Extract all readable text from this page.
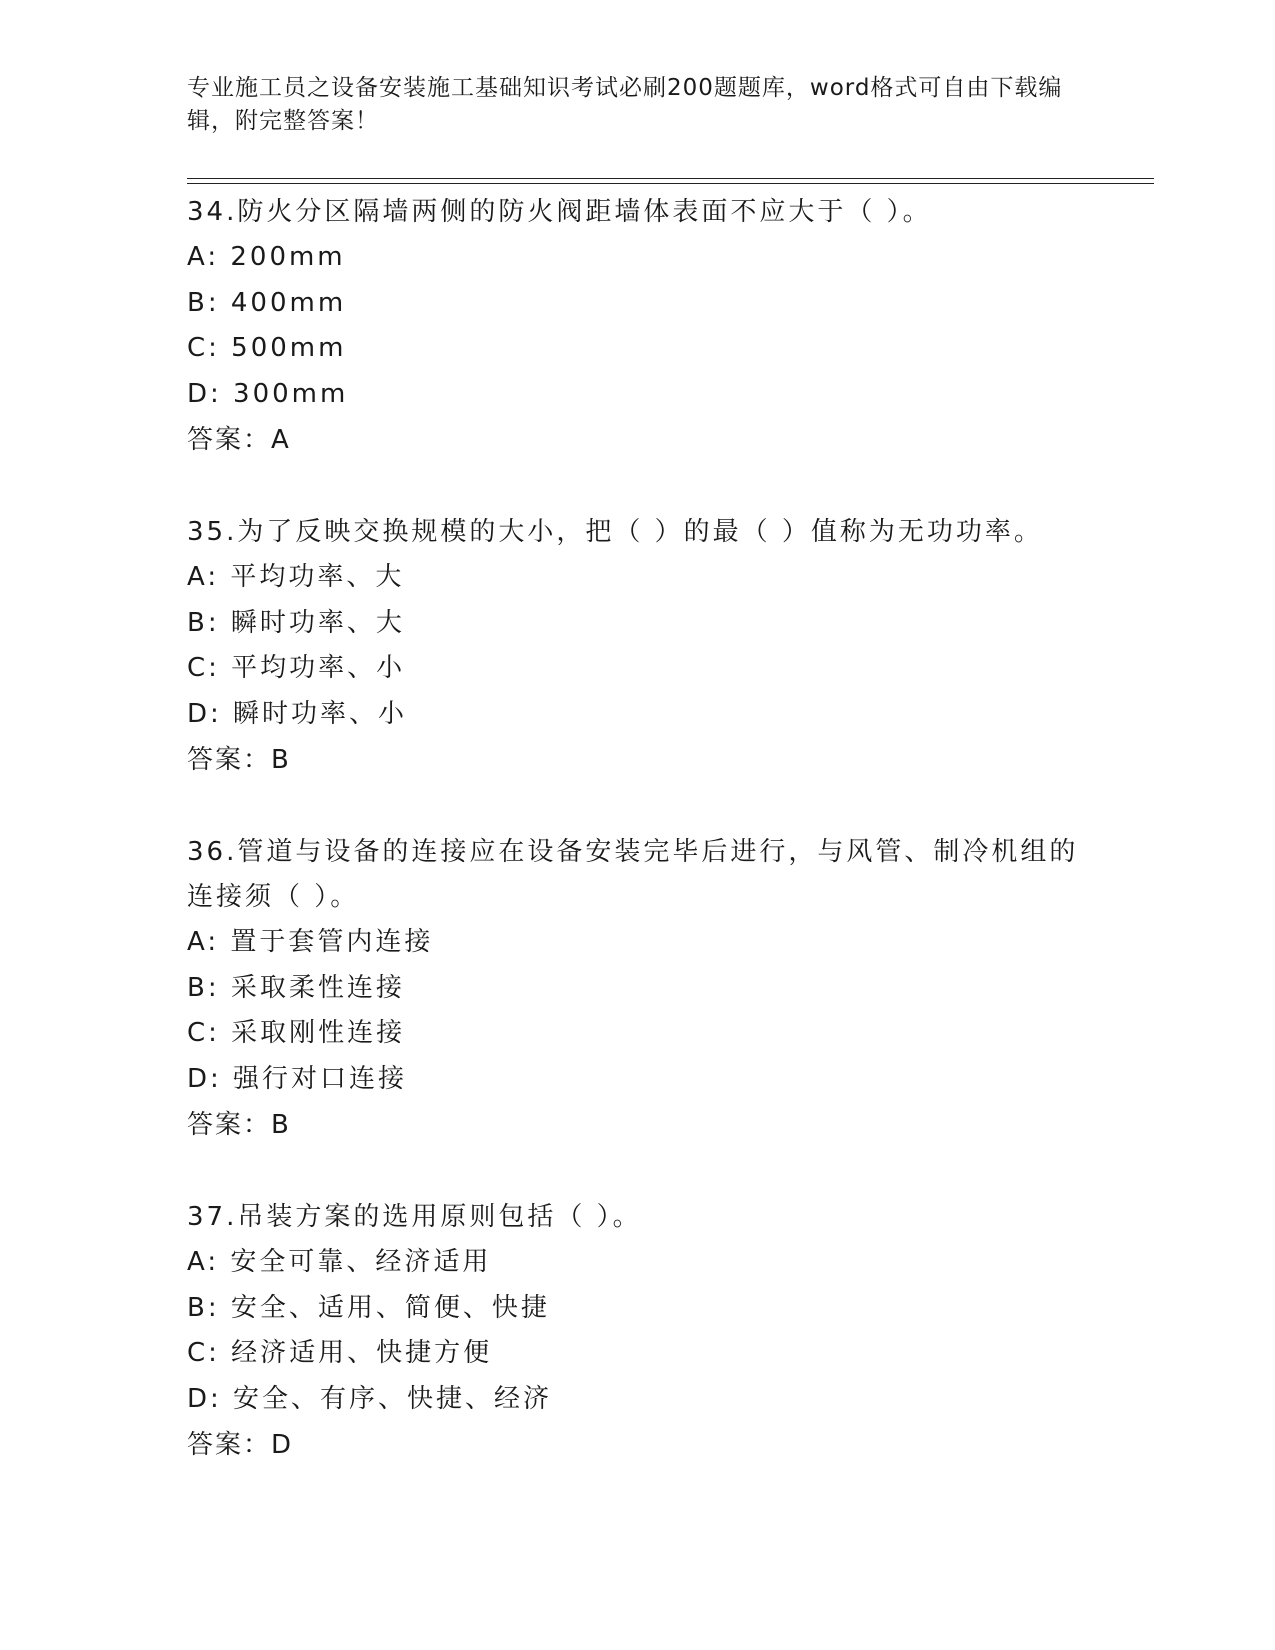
专业施工员之设备安装施工基础知识考试必刷200题题库，word格式可自由下载编辑，附完整答案！
34.防火分区隔墙两侧的防火阀距墙体表面不应大于（ ）。
A: 200mm
B: 400mm
C: 500mm
D: 300mm
答案：A
35.为了反映交换规模的大小，把（ ）的最（ ）值称为无功功率。
A: 平均功率、大
B: 瞬时功率、大
C: 平均功率、小
D: 瞬时功率、小
答案：B
36.管道与设备的连接应在设备安装完毕后进行，与风管、制冷机组的连接须（ ）。
A: 置于套管内连接
B: 采取柔性连接
C: 采取刚性连接
D: 强行对口连接
答案：B
37.吊装方案的选用原则包括（ ）。
A: 安全可靠、经济适用
B: 安全、适用、简便、快捷
C: 经济适用、快捷方便
D: 安全、有序、快捷、经济
答案：D
